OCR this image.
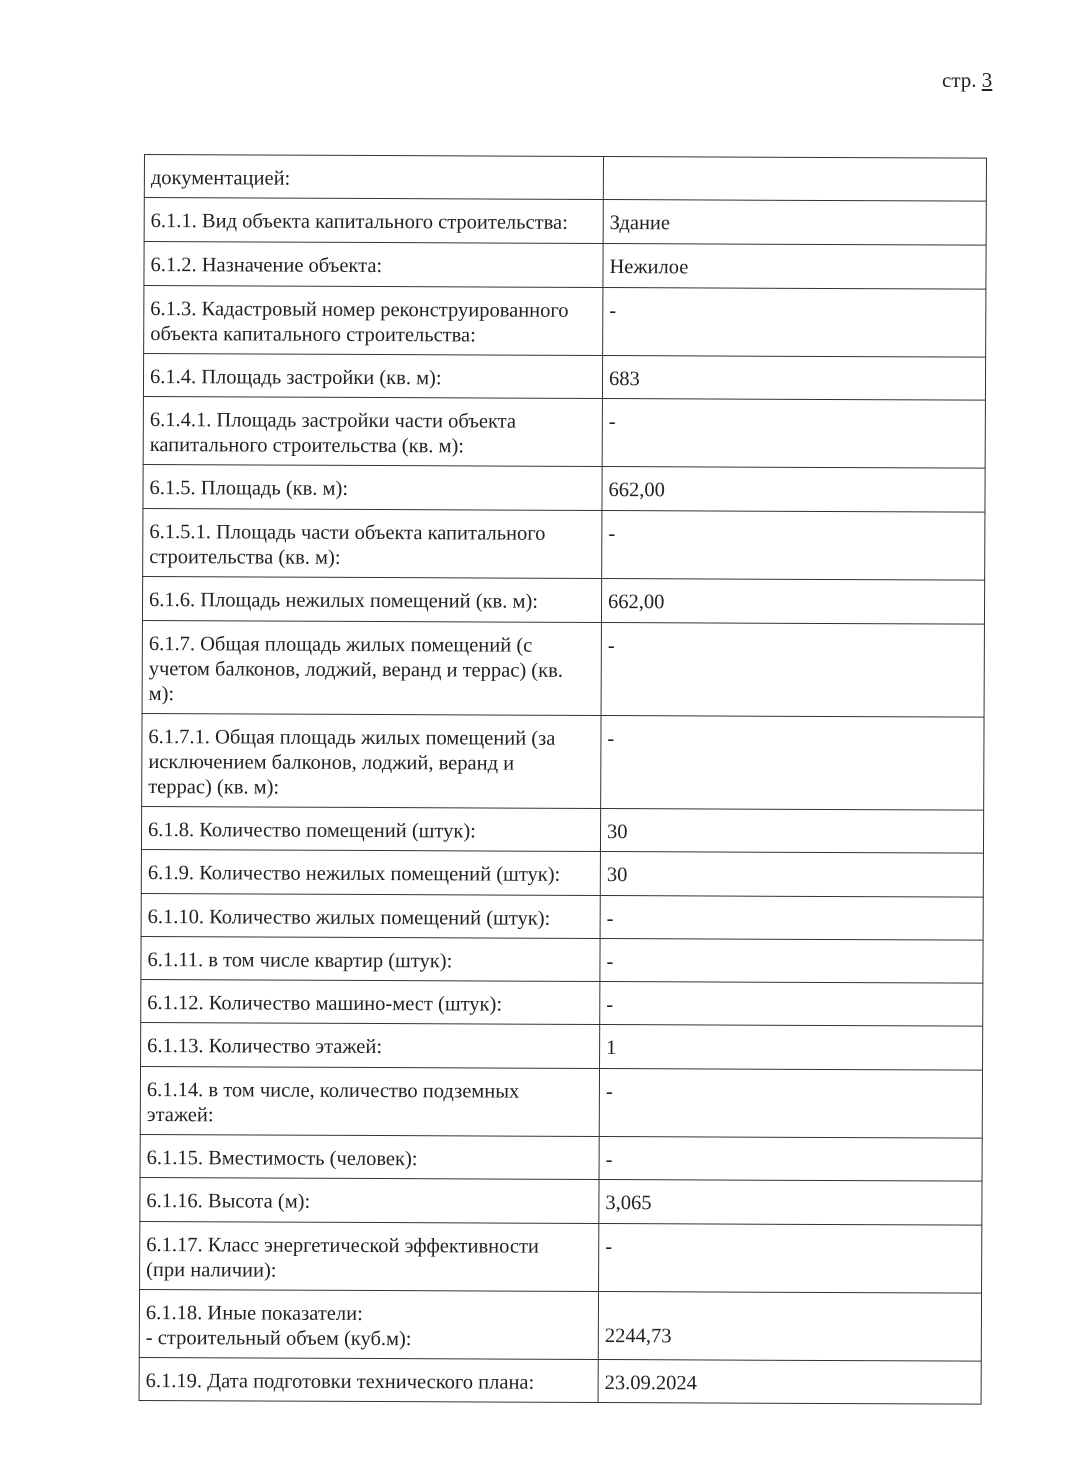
стр. 3
документацией:	

6.1.1. Вид объекта капитального строительства:	Здание

6.1.2. Назначение объекта:	Нежилое

6.1.3. Кадастровый номер реконструированного
объекта капитального строительства:	-

6.1.4. Площадь застройки (кв. м):	683

6.1.4.1. Площадь застройки части объекта
капитального строительства (кв. м):	-

6.1.5. Площадь (кв. м):	662,00

6.1.5.1. Площадь части объекта капитального
строительства (кв. м):	-

6.1.6. Площадь нежилых помещений (кв. м):	662,00

6.1.7. Общая площадь жилых помещений (с
учетом балконов, лоджий, веранд и террас) (кв.
м):	-

6.1.7.1. Общая площадь жилых помещений (за
исключением балконов, лоджий, веранд и
террас) (кв. м):	-

6.1.8. Количество помещений (штук):	30

6.1.9. Количество нежилых помещений (штук):	30

6.1.10. Количество жилых помещений (штук):	-

6.1.11. в том числе квартир (штук):	-

6.1.12. Количество машино-мест (штук):	-

6.1.13. Количество этажей:	1

6.1.14. в том числе, количество подземных
этажей:	-

6.1.15. Вместимость (человек):	-

6.1.16. Высота (м):	3,065

6.1.17. Класс энергетической эффективности
(при наличии):	-

6.1.18. Иные показатели:
- строительный объем (куб.м):	2244,73

6.1.19. Дата подготовки технического плана:	23.09.2024
